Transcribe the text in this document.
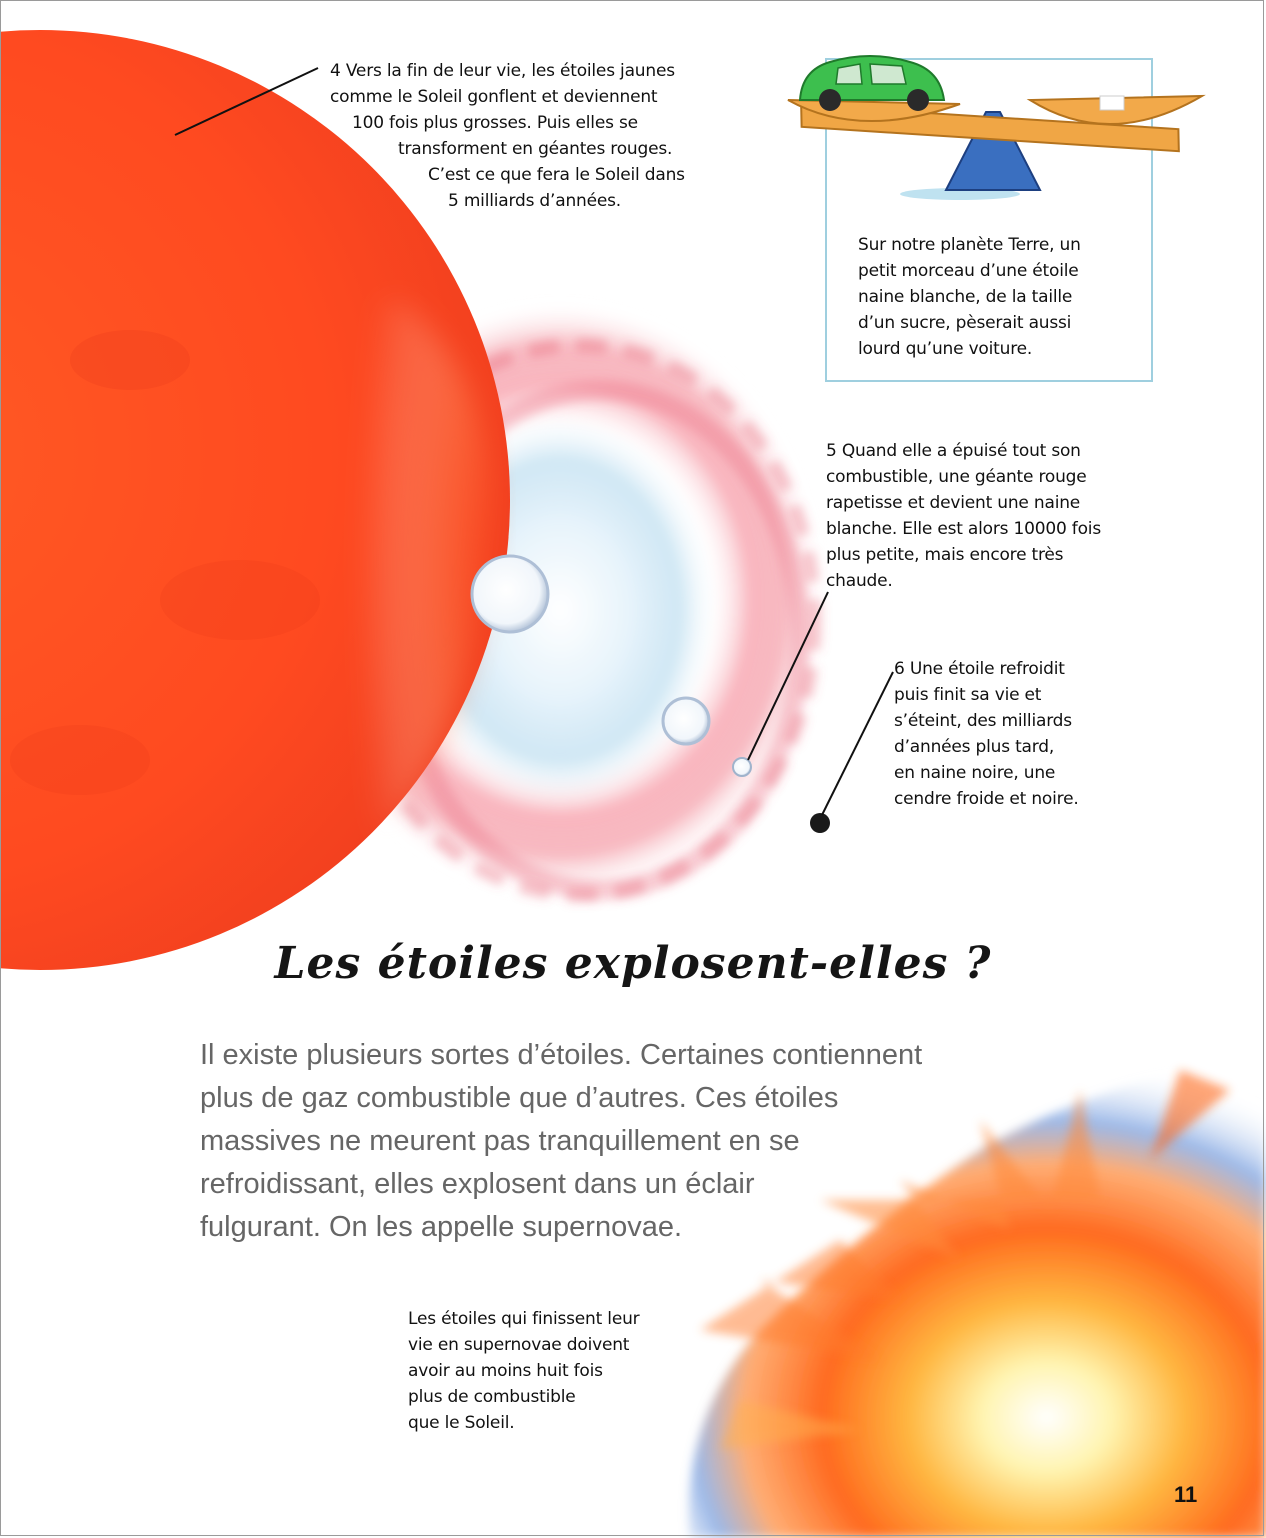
4 Vers la fin de leur vie, les étoiles jaunes
comme le Soleil gonflent et deviennent
100 fois plus grosses. Puis elles se
transforment en géantes rouges.
C’est ce que fera le Soleil dans
5 milliards d’années.
Sur notre planète Terre, un
petit morceau d’une étoile
naine blanche, de la taille
d’un sucre, pèserait aussi
lourd qu’une voiture.
5 Quand elle a épuisé tout son
combustible, une géante rouge
rapetisse et devient une naine
blanche. Elle est alors 10000 fois
plus petite, mais encore très
chaude.
6 Une étoile refroidit
puis finit sa vie et
s’éteint, des milliards
d’années plus tard,
en naine noire, une
cendre froide et noire.
Les étoiles explosent-elles ?
Il existe plusieurs sortes d’étoiles. Certaines contiennent
plus de gaz combustible que d’autres. Ces étoiles
massives ne meurent pas tranquillement en se
refroidissant, elles explosent dans un éclair
fulgurant. On les appelle supernovae.
Les étoiles qui finissent leur
vie en supernovae doivent
avoir au moins huit fois
plus de combustible
que le Soleil.
11
